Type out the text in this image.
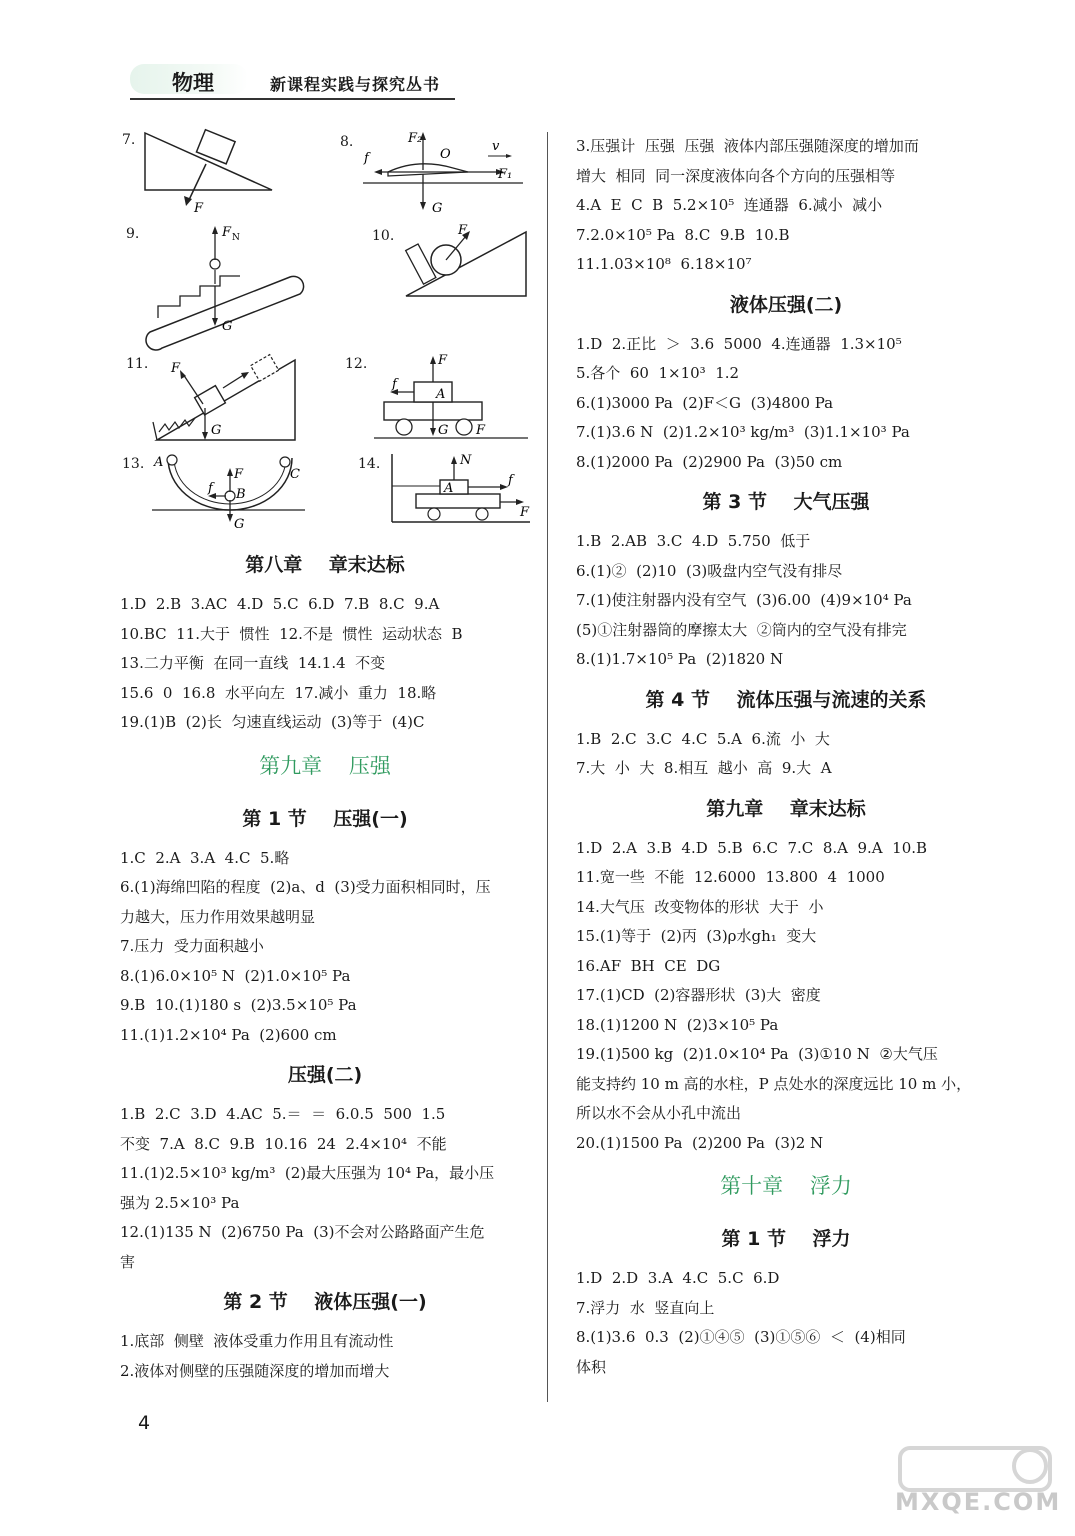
物理	新课程实践与探究丛书
7.
F
8.	F₂
O
v
f
F₁
G
9.	F N
G
10.	F
11. F
G
12.	F
f
A
G F
13. A
F
f B
C
G
14.	N
A
f
F
第八章    章末达标
1.D  2.B  3.AC  4.D  5.C  6.D  7.B  8.C  9.A
10.BC  11.大于  惯性  12.不是  惯性  运动状态  B
13.二力平衡  在同一直线  14.1.4  不变
15.6  0  16.8  水平向左  17.减小  重力  18.略
19.(1)B  (2)长  匀速直线运动  (3)等于  (4)C
第九章    压强
第 1 节    压强(一)
1.C  2.A  3.A  4.C  5.略
6.(1)海绵凹陷的程度  (2)a、d  (3)受力面积相同时，压
力越大，压力作用效果越明显
7.压力  受力面积越小
8.(1)6.0×10⁵ N  (2)1.0×10⁵ Pa
9.B  10.(1)180 s  (2)3.5×10⁵ Pa
11.(1)1.2×10⁴ Pa  (2)600 cm
压强(二)
1.B  2.C  3.D  4.AC  5.＝  ＝  6.0.5  500  1.5
不变  7.A  8.C  9.B  10.16  24  2.4×10⁴  不能
11.(1)2.5×10³ kg/m³  (2)最大压强为 10⁴ Pa，最小压
强为 2.5×10³ Pa
12.(1)135 N  (2)6750 Pa  (3)不会对公路路面产生危
害
第 2 节    液体压强(一)
1.底部  侧壁  液体受重力作用且有流动性
2.液体对侧壁的压强随深度的增加而增大
3.压强计  压强  压强  液体内部压强随深度的增加而
增大  相同  同一深度液体向各个方向的压强相等
4.A  E  C  B  5.2×10⁵  连通器  6.减小  减小
7.2.0×10⁵ Pa  8.C  9.B  10.B
11.1.03×10⁸  6.18×10⁷
液体压强(二)
1.D  2.正比  ＞  3.6  5000  4.连通器  1.3×10⁵
5.各个  60  1×10³  1.2
6.(1)3000 Pa  (2)F＜G  (3)4800 Pa
7.(1)3.6 N  (2)1.2×10³ kg/m³  (3)1.1×10³ Pa
8.(1)2000 Pa  (2)2900 Pa  (3)50 cm
第 3 节    大气压强
1.B  2.AB  3.C  4.D  5.750  低于
6.(1)②  (2)10  (3)吸盘内空气没有排尽
7.(1)使注射器内没有空气  (3)6.00  (4)9×10⁴ Pa
(5)①注射器筒的摩擦太大  ②筒内的空气没有排完
8.(1)1.7×10⁵ Pa  (2)1820 N
第 4 节    流体压强与流速的关系
1.B  2.C  3.C  4.C  5.A  6.流  小  大
7.大  小  大  8.相互  越小  高  9.大  A
第九章    章末达标
1.D  2.A  3.B  4.D  5.B  6.C  7.C  8.A  9.A  10.B
11.宽一些  不能  12.6000  13.800  4  1000
14.大气压  改变物体的形状  大于  小
15.(1)等于  (2)丙  (3)ρ水gh₁  变大
16.AF  BH  CE  DG
17.(1)CD  (2)容器形状  (3)大  密度
18.(1)1200 N  (2)3×10⁵ Pa
19.(1)500 kg  (2)1.0×10⁴ Pa  (3)①10 N  ②大气压
能支持约 10 m 高的水柱，P 点处水的深度远比 10 m 小，
所以水不会从小孔中流出
20.(1)1500 Pa  (2)200 Pa  (3)2 N
第十章    浮力
第 1 节    浮力
1.D  2.D  3.A  4.C  5.C  6.D
7.浮力  水  竖直向上
8.(1)3.6  0.3  (2)①④⑤  (3)①⑤⑥  ＜  (4)相同
体积
4
MXQE.COM
